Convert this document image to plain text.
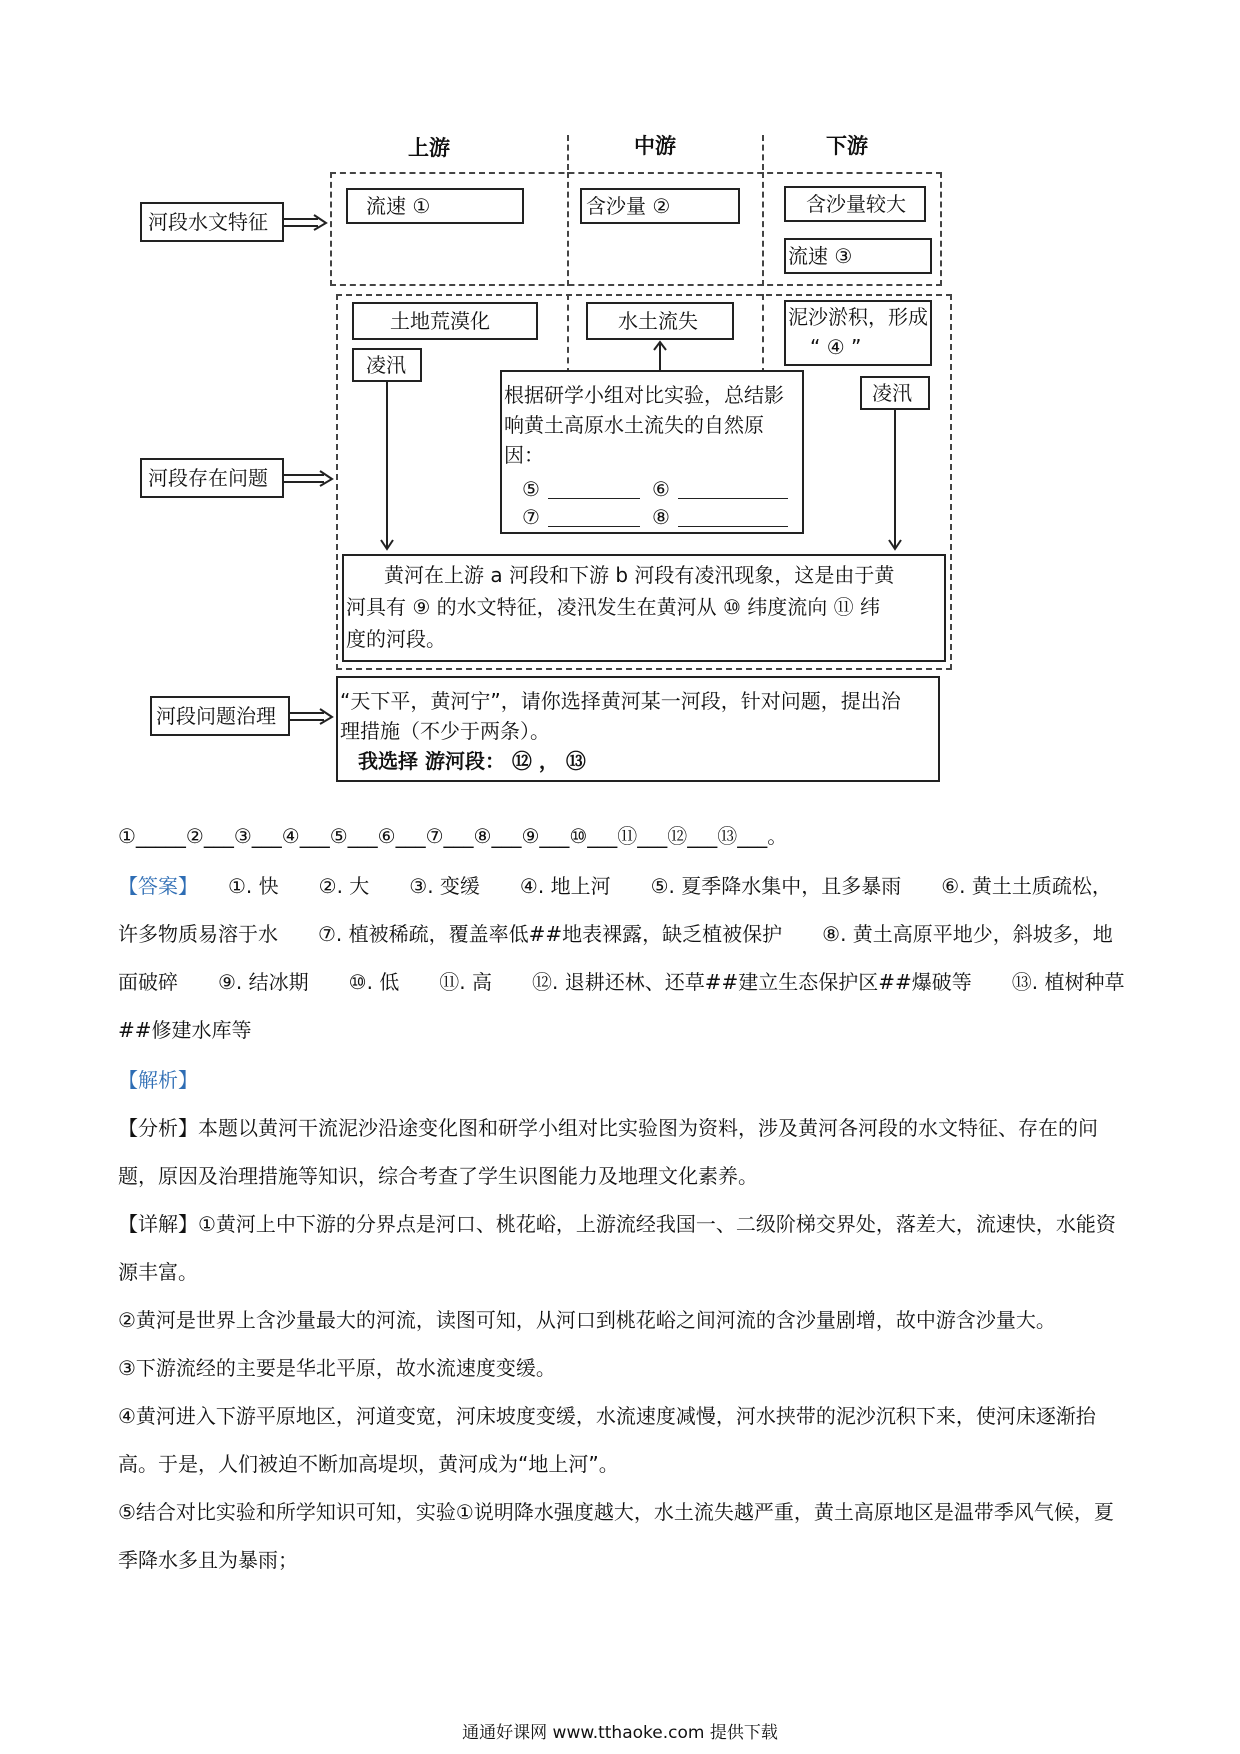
上游	中游	下游
河段水文特征
流速 ①	含沙量 ②	含沙量较大
流速 ③
河段存在问题
土地荒漠化
凌汛
水土流失	泥沙淤积，形成
“ ④ ”
凌汛
根据研学小组对比实验，总结影
响黄土高原水土流失的自然原
因：
⑤	⑥
⑦	⑧
黄河在上游 a 河段和下游 b 河段有凌汛现象，这是由于黄
河具有 ⑨ 的水文特征，凌汛发生在黄河从 ⑩ 纬度流向 ⑪ 纬
度的河段。
河段问题治理
“天下平，黄河宁”，请你选择黄河某一河段，针对问题，提出治
理措施（不少于两条）。
我选择 游河段： ⑫ ， ⑬
①_____②___③___④___⑤___⑥___⑦___⑧___⑨___⑩___⑪___⑫___⑬___。
【答案】 ①. 快　　②. 大　　③. 变缓　　④. 地上河　　⑤. 夏季降水集中，且多暴雨　　⑥. 黄土土质疏松，许多物质易溶于水　　⑦. 植被稀疏，覆盖率低##地表裸露，缺乏植被保护　　⑧. 黄土高原平地少，斜坡多，地面破碎　　⑨. 结冰期　　⑩. 低　　⑪. 高　　⑫. 退耕还林、还草##建立生态保护区##爆破等　　⑬. 植树种草##修建水库等
【解析】
【分析】本题以黄河干流泥沙沿途变化图和研学小组对比实验图为资料，涉及黄河各河段的水文特征、存在的问题，原因及治理措施等知识，综合考查了学生识图能力及地理文化素养。
【详解】①黄河上中下游的分界点是河口、桃花峪，上游流经我国一、二级阶梯交界处，落差大，流速快，水能资源丰富。
②黄河是世界上含沙量最大的河流，读图可知，从河口到桃花峪之间河流的含沙量剧增，故中游含沙量大。
③下游流经的主要是华北平原，故水流速度变缓。
④黄河进入下游平原地区，河道变宽，河床坡度变缓，水流速度减慢，河水挟带的泥沙沉积下来，使河床逐渐抬高。于是，人们被迫不断加高堤坝，黄河成为“地上河”。
⑤结合对比实验和所学知识可知，实验①说明降水强度越大，水土流失越严重，黄土高原地区是温带季风气候，夏季降水多且为暴雨；
通通好课网 www.tthaoke.com 提供下载
